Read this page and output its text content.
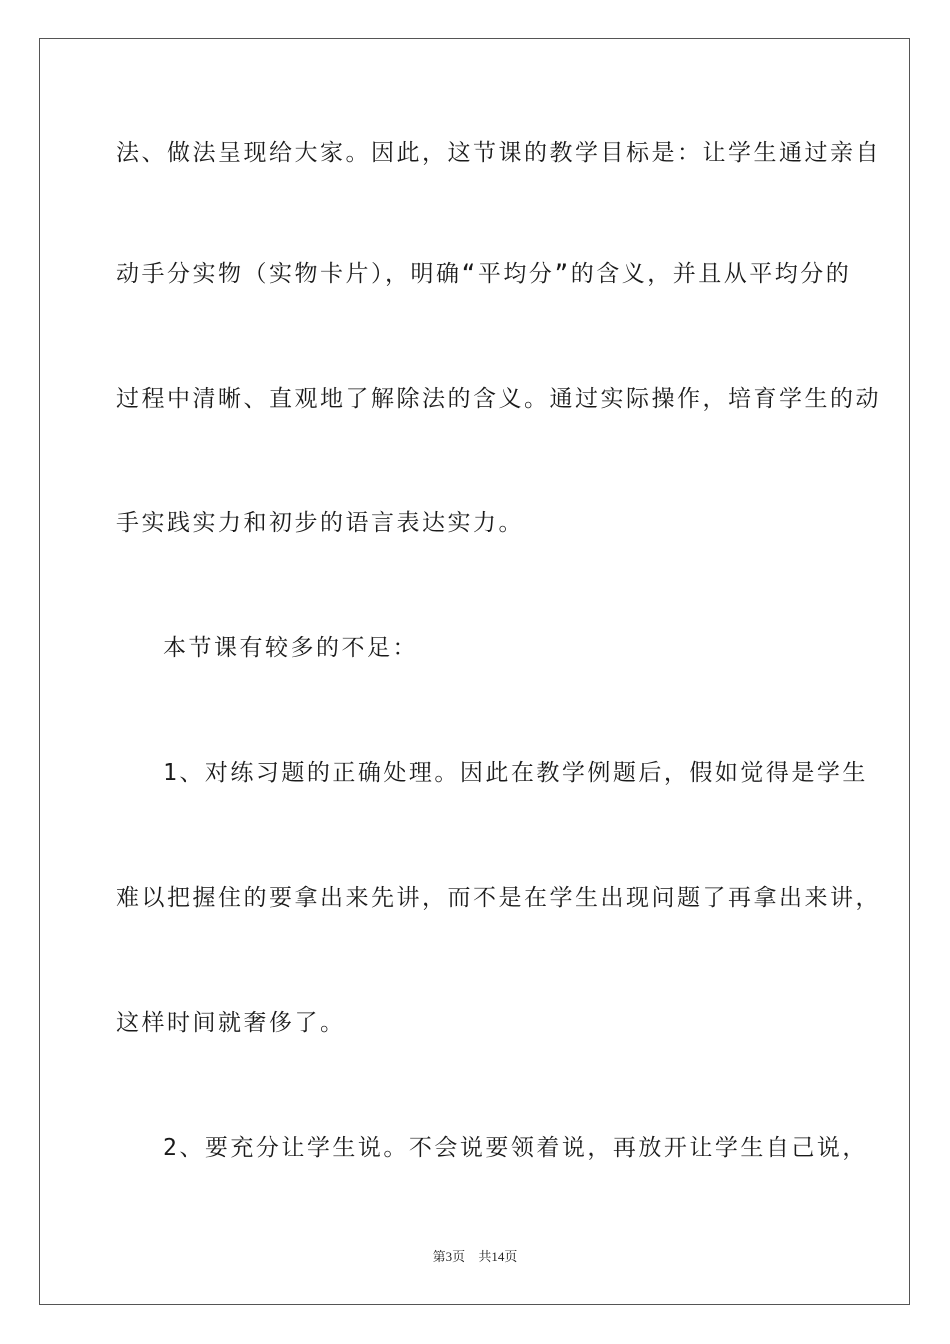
法、做法呈现给大家。因此，这节课的教学目标是：让学生通过亲自

动手分实物（实物卡片），明确“平均分”的含义，并且从平均分的

过程中清晰、直观地了解除法的含义。通过实际操作，培育学生的动

手实践实力和初步的语言表达实力。

本节课有较多的不足：

1、对练习题的正确处理。因此在教学例题后，假如觉得是学生

难以把握住的要拿出来先讲，而不是在学生出现问题了再拿出来讲，

这样时间就奢侈了。

2、要充分让学生说。不会说要领着说，再放开让学生自己说，

第3页 共14页
